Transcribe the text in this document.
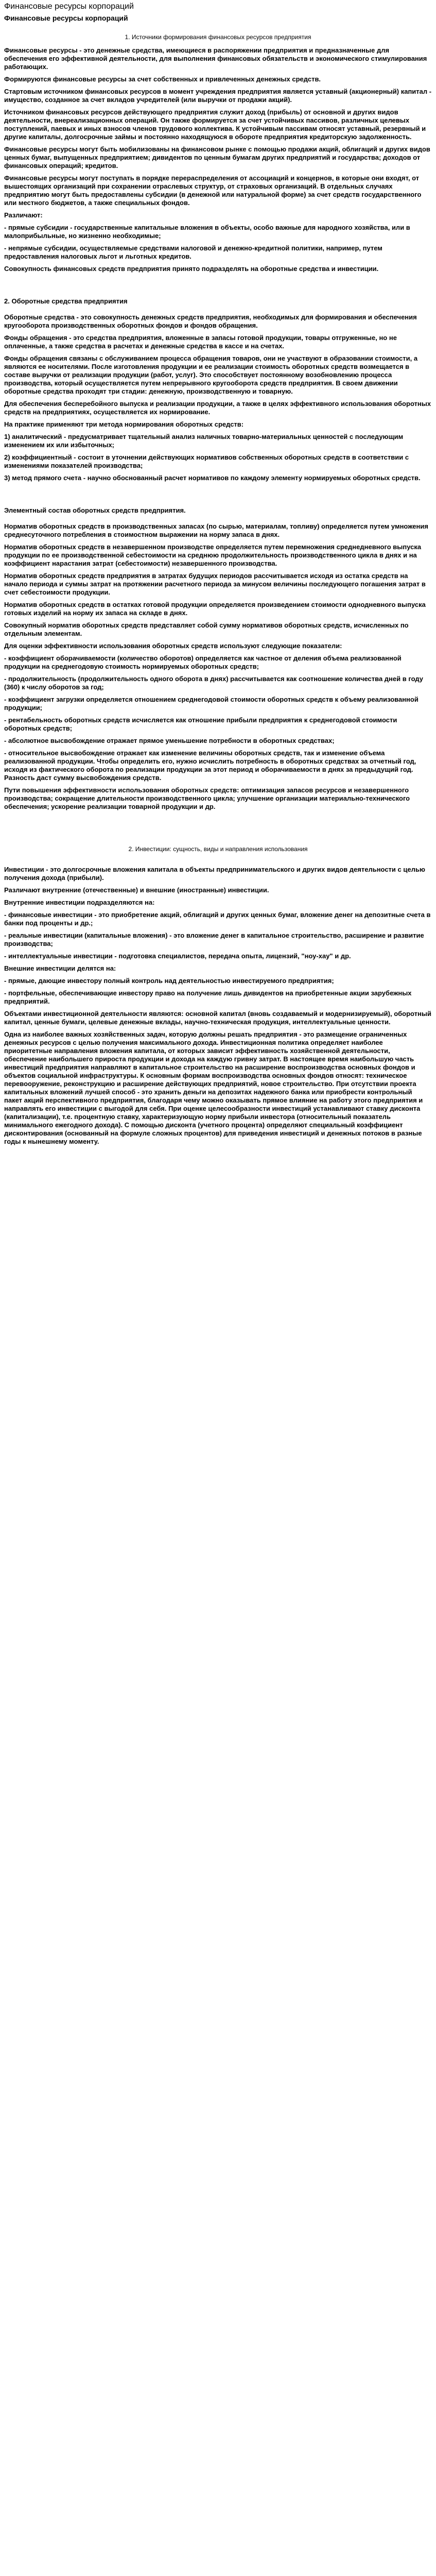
Финансовые ресурсы корпораций
Финансовые ресурсы корпораций
1. Источники формирования финансовых ресурсов предприятия

Финансовые ресурсы - это денежные средства, имеющиеся в распоряжении предприятия и предназначенные для обеспечения его эффективной деятельности, для выполнения финансовых обязательств и экономического стимулирования работающих.

Формируются финансовые ресурсы за счет собственных и привлеченных денежных средств.

Стартовым источником финансовых ресурсов в момент учреждения предприятия является уставный (акционерный) капитал - имущество, созданное за счет вкладов учредителей (или выручки от продажи акций).

Источником финансовых ресурсов действующего предприятия служит доход (прибыль) от основной и других видов деятельности, внереализационных операций. Он также формируется за счет устойчивых пассивов, различных целевых поступлений, паевых и иных взносов членов трудового коллектива. К устойчивым пассивам относят уставный, резервный и другие капиталы, долгосрочные займы и постоянно находящуюся в обороте предприятия кредиторскую задолженность.

Финансовые ресурсы могут быть мобилизованы на финансовом рынке с помощью продажи акций, облигаций и других видов ценных бумаг, выпущенных предприятием; дивидентов по ценным бумагам других предприятий и государства; доходов от финансовых операций; кредитов.

Финансовые ресурсы могут поступать в порядке перераспределения от ассоциаций и концернов, в которые они входят, от вышестоящих организаций при сохранении отраслевых структур, от страховых организаций. В отдельных случаях предприятию могут быть предоставлены субсидии (в денежной или натуральной форме) за счет средств государственного или местного бюджетов, а также специальных фондов.

Различают:

- прямые субсидии - государственные капитальные вложения в объекты, особо важные для народного хозяйства, или в малоприбыльные, но жизненно необходимые;

- непрямые субсидии, осуществляемые средствами налоговой и денежно-кредитной политики, например, путем предоставления налоговых льгот и льготных кредитов.

Совокупность финансовых средств предприятия принято подразделять на оборотные средства и инвестиции.

2. Оборотные средства предприятия

Оборотные средства - это совокупность денежных средств предприятия, необходимых для формирования и обеспечения кругооборота производственных оборотных фондов и фондов обращения.

Фонды обращения - это средства предприятия, вложенные в запасы готовой продукции, товары отгруженные, но не оплаченные, а также средства в расчетах и денежные средства в кассе и на счетах.

Фонды обращения связаны с обслуживанием процесса обращения товаров, они не участвуют в образовании стоимости, а являются ее носителями. После изготовления продукции и ее реализации стоимость оборотных средств возмещается в составе выручки от реализации продукции (работ, услуг). Это способствует постоянному возобновлению процесса производства, который осуществляется путем непрерывного кругооборота средств предприятия. В своем движении оборотные средства проходят три стадии: денежную, производственную и товарную.

Для обеспечения бесперебойного выпуска и реализации продукции, а также в целях эффективного использования оборотных средств на предприятиях, осуществляется их нормирование.

На практике применяют три метода нормирования оборотных средств:

1) аналитический - предусматривает тщательный анализ наличных товарно-материальных ценностей с последующим изменением их или избыточных;

2) коэффициентный - состоит в уточнении действующих нормативов собственных оборотных средств в соответствии с изменениями показателей производства;

3) метод прямого счета - научно обоснованный расчет нормативов по каждому элементу нормируемых оборотных средств.

Элементный состав оборотных средств предприятия.

Норматив оборотных средств в производственных запасах (по сырью, материалам, топливу) определяется путем умножения среднесуточного потребления в стоимостном выражении на норму запаса в днях.

Норматив оборотных средств в незавершенном производстве определяется путем перемножения среднедневного выпуска продукции по ее производственной себестоимости на среднюю продолжительность производственного цикла в днях и на коэффициент нарастания затрат (себестоимости) незавершенного производства.

Норматив оборотных средств предприятия в затратах будущих периодов рассчитывается исходя из остатка средств на начало периода и суммы затрат на протяжении расчетного периода за минусом величины последующего погашения затрат в счет себестоимости продукции.

Норматив оборотных средств в остатках готовой продукции определяется произведением стоимости однодневного выпуска готовых изделий на норму их запаса на складе в днях.

Совокупный норматив оборотных средств представляет собой сумму нормативов оборотных средств, исчисленных по отдельным элементам.

Для оценки эффективности использования оборотных средств используют следующие показатели:

- коэффициент оборачиваемости (количество оборотов) определяется как частное от деления объема реализованной продукции на среднегодовую стоимость нормируемых оборотных средств;

- продолжительность (продолжительность одного оборота в днях) рассчитывается как соотношение количества дней в году (360) к числу оборотов за год;

- коэффициент загрузки определяется отношением среднегодовой стоимости оборотных средств к объему реализованной продукции;

- рентабельность оборотных средств исчисляется как отношение прибыли предприятия к среднегодовой стоимости оборотных средств;

- абсолютное высвобождение отражает прямое уменьшение потребности в оборотных средствах;

- относительное высвобождение отражает как изменение величины оборотных средств, так и изменение объема реализованной продукции. Чтобы определить его, нужно исчислить потребность в оборотных средствах за отчетный год, исходя из фактического оборота по реализации продукции за этот период и оборачиваемости в днях за предыдущий год. Разность даст сумму высвобождения средств.

Пути повышения эффективности использования оборотных средств: оптимизация запасов ресурсов и незавершенного производства; сокращение длительности производственного цикла; улучшение организации материально-технического обеспечения; ускорение реализации товарной продукции и др.

2. Инвестиции: сущность, виды и направления использования

Инвестиции - это долгосрочные вложения капитала в объекты предпринимательского и других видов деятельности с целью получения дохода (прибыли).

Различают внутренние (отечественные) и внешние (иностранные) инвестиции.

Внутренние инвестиции подразделяются на:

- финансовые инвестиции - это приобретение акций, облигаций и других ценных бумаг, вложение денег на депозитные счета в банки под проценты и др.;

- реальные инвестиции (капитальные вложения) - это вложение денег в капитальное строительство, расширение и развитие производства;

- интеллектуальные инвестиции - подготовка специалистов, передача опыта, лицензий, "ноу-хау" и др.

Внешние инвестиции делятся на:

- прямые, дающие инвестору полный контроль над деятельностью инвестируемого предприятия;

- портфельные, обеспечивающие инвестору право на получение лишь дивидентов на приобретенные акции зарубежных предприятий.

Объектами инвестиционной деятельности являются: основной капитал (вновь создаваемый и модернизируемый), оборотный капитал, ценные бумаги, целевые денежные вклады, научно-техническая продукция, интеллектуальные ценности.

Одна из наиболее важных хозяйственных задач, которую должны решать предприятия - это размещение ограниченных денежных ресурсов с целью получения максимального дохода. Инвестиционная политика определяет наиболее приоритетные направления вложения капитала, от которых зависит эффективность хозяйственной деятельности, обеспечение наибольшего прироста продукции и дохода на каждую гривну затрат. В настоящее время наибольшую часть инвестиций предприятия направляют в капитальное строительство на расширение воспроизводства основных фондов и объектов социальной инфраструктуры. К основным формам воспроизводства основных фондов относят: техническое перевооружение, реконструкцию и расширение действующих предприятий, новое строительство. При отсутствии проекта капитальных вложений лучшей способ - это хранить деньги на депозитах надежного банка или приобрести контрольный пакет акций перспективного предприятия, благодаря чему можно оказывать прямое влияние на работу этого предприятия и направлять его инвестиции с выгодой для себя. При оценке целесообразности инвестиций устанавливают ставку дисконта (капитализации), т.е. процентную ставку, характеризующую норму прибыли инвестора (относительный показатель минимального ежегодного дохода). С помощью дисконта (учетного процента) определяют специальный коэффициент дисконтирования (основанный на формуле сложных процентов) для приведения инвестиций и денежных потоков в разные годы к нынешнему моменту.
